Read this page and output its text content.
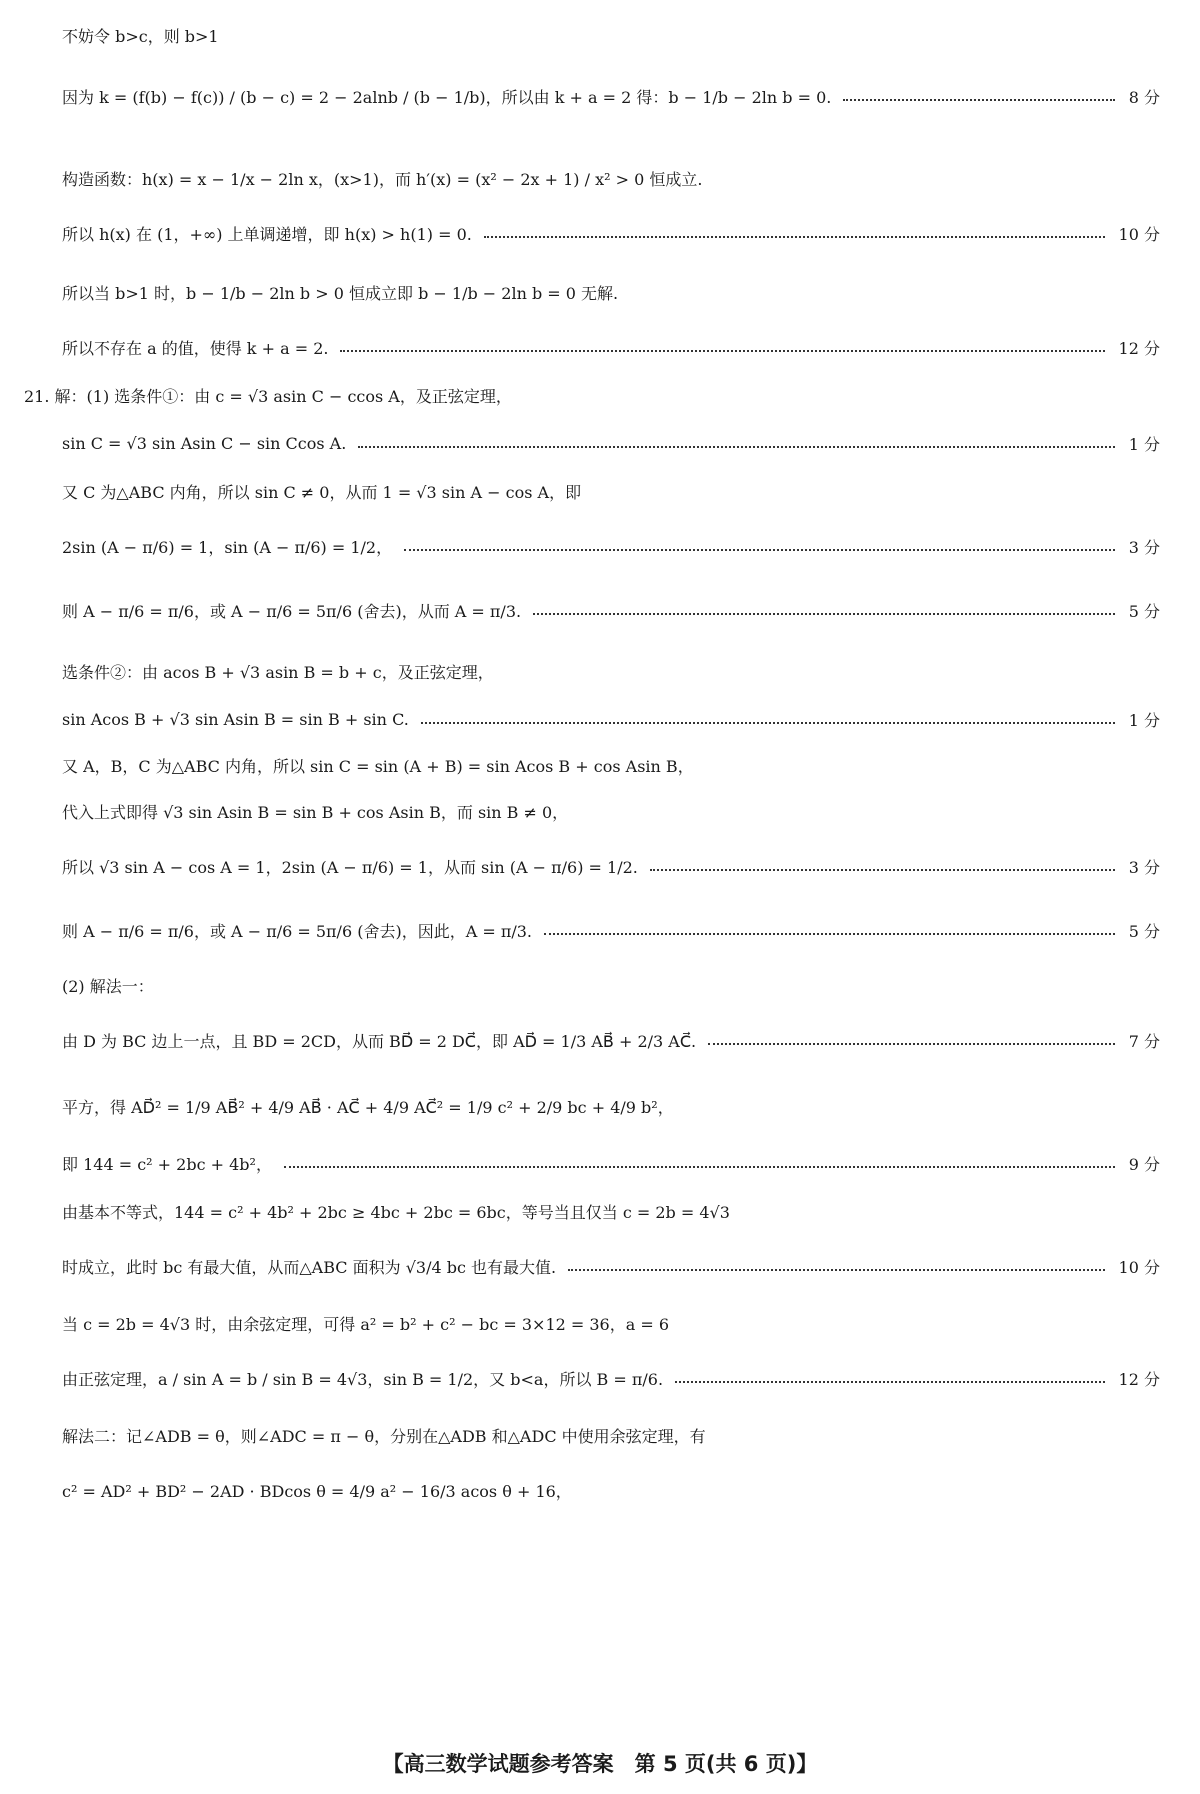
不妨令 b>c，则 b>1
因为 k = (f(b) − f(c)) / (b − c) = 2 − 2alnb / (b − 1/b)，所以由 k + a = 2 得：b − 1/b − 2ln b = 0.	8 分
构造函数：h(x) = x − 1/x − 2ln x，(x>1)，而 h′(x) = (x² − 2x + 1) / x² > 0 恒成立.
所以 h(x) 在 (1，+∞) 上单调递增，即 h(x) > h(1) = 0.	10 分
所以当 b>1 时，b − 1/b − 2ln b > 0 恒成立即 b − 1/b − 2ln b = 0 无解.
所以不存在 a 的值，使得 k + a = 2.	12 分
21. 解：(1) 选条件①：由 c = √3 asin C − ccos A，及正弦定理，
sin C = √3 sin Asin C − sin Ccos A.	1 分
又 C 为△ABC 内角，所以 sin C ≠ 0，从而 1 = √3 sin A − cos A，即
2sin (A − π/6) = 1，sin (A − π/6) = 1/2，	3 分
则 A − π/6 = π/6，或 A − π/6 = 5π/6 (舍去)，从而 A = π/3.	5 分
选条件②：由 acos B + √3 asin B = b + c，及正弦定理，
sin Acos B + √3 sin Asin B = sin B + sin C.	1 分
又 A，B，C 为△ABC 内角，所以 sin C = sin (A + B) = sin Acos B + cos Asin B，
代入上式即得 √3 sin Asin B = sin B + cos Asin B，而 sin B ≠ 0，
所以 √3 sin A − cos A = 1，2sin (A − π/6) = 1，从而 sin (A − π/6) = 1/2.	3 分
则 A − π/6 = π/6，或 A − π/6 = 5π/6 (舍去)，因此，A = π/3.	5 分
(2) 解法一：
由 D 为 BC 边上一点，且 BD = 2CD，从而 BD⃗ = 2 DC⃗，即 AD⃗ = 1/3 AB⃗ + 2/3 AC⃗.	7 分
平方，得 AD⃗² = 1/9 AB⃗² + 4/9 AB⃗ · AC⃗ + 4/9 AC⃗² = 1/9 c² + 2/9 bc + 4/9 b²，
即 144 = c² + 2bc + 4b²，	9 分
由基本不等式，144 = c² + 4b² + 2bc ≥ 4bc + 2bc = 6bc，等号当且仅当 c = 2b = 4√3
时成立，此时 bc 有最大值，从而△ABC 面积为 √3/4 bc 也有最大值.	10 分
当 c = 2b = 4√3 时，由余弦定理，可得 a² = b² + c² − bc = 3×12 = 36，a = 6
由正弦定理，a / sin A = b / sin B = 4√3，sin B = 1/2，又 b<a，所以 B = π/6.	12 分
解法二：记∠ADB = θ，则∠ADC = π − θ，分别在△ADB 和△ADC 中使用余弦定理，有
c² = AD² + BD² − 2AD · BDcos θ = 4/9 a² − 16/3 acos θ + 16，
【高三数学试题参考答案　第 5 页(共 6 页)】
